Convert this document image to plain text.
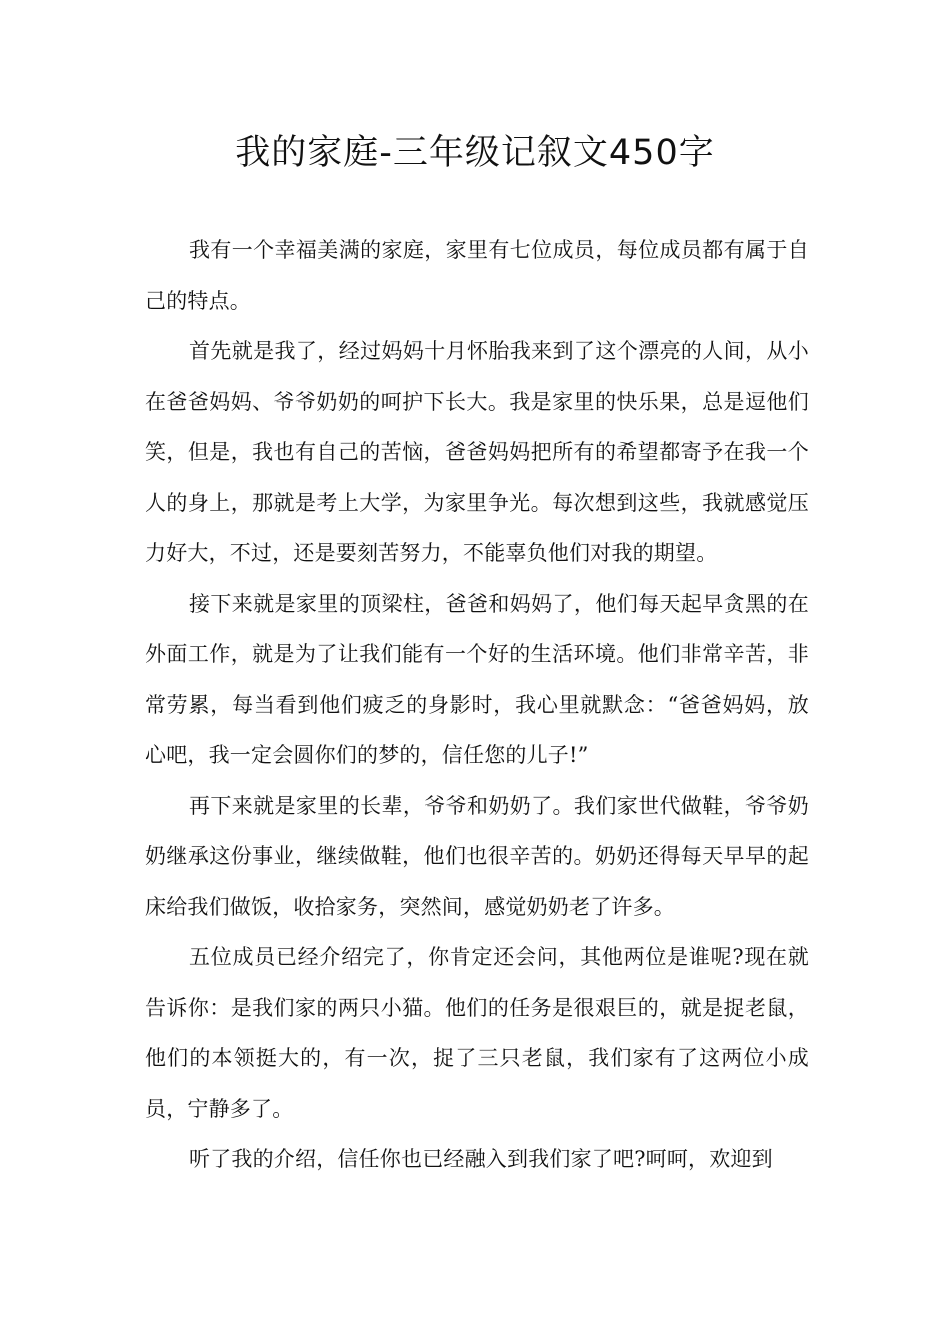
我的家庭-三年级记叙文450字

我有一个幸福美满的家庭，家里有七位成员，每位成员都有属于自己的特点。

首先就是我了，经过妈妈十月怀胎我来到了这个漂亮的人间，从小在爸爸妈妈、爷爷奶奶的呵护下长大。我是家里的快乐果，总是逗他们笑，但是，我也有自己的苦恼，爸爸妈妈把所有的希望都寄予在我一个人的身上，那就是考上大学，为家里争光。每次想到这些，我就感觉压力好大，不过，还是要刻苦努力，不能辜负他们对我的期望。

接下来就是家里的顶梁柱，爸爸和妈妈了，他们每天起早贪黑的在外面工作，就是为了让我们能有一个好的生活环境。他们非常辛苦，非常劳累，每当看到他们疲乏的身影时，我心里就默念：“爸爸妈妈，放心吧，我一定会圆你们的梦的，信任您的儿子!”

再下来就是家里的长辈，爷爷和奶奶了。我们家世代做鞋，爷爷奶奶继承这份事业，继续做鞋，他们也很辛苦的。奶奶还得每天早早的起床给我们做饭，收拾家务，突然间，感觉奶奶老了许多。

五位成员已经介绍完了，你肯定还会问，其他两位是谁呢?现在就告诉你：是我们家的两只小猫。他们的任务是很艰巨的，就是捉老鼠，他们的本领挺大的，有一次，捉了三只老鼠，我们家有了这两位小成员，宁静多了。

听了我的介绍，信任你也已经融入到我们家了吧?呵呵，欢迎到
